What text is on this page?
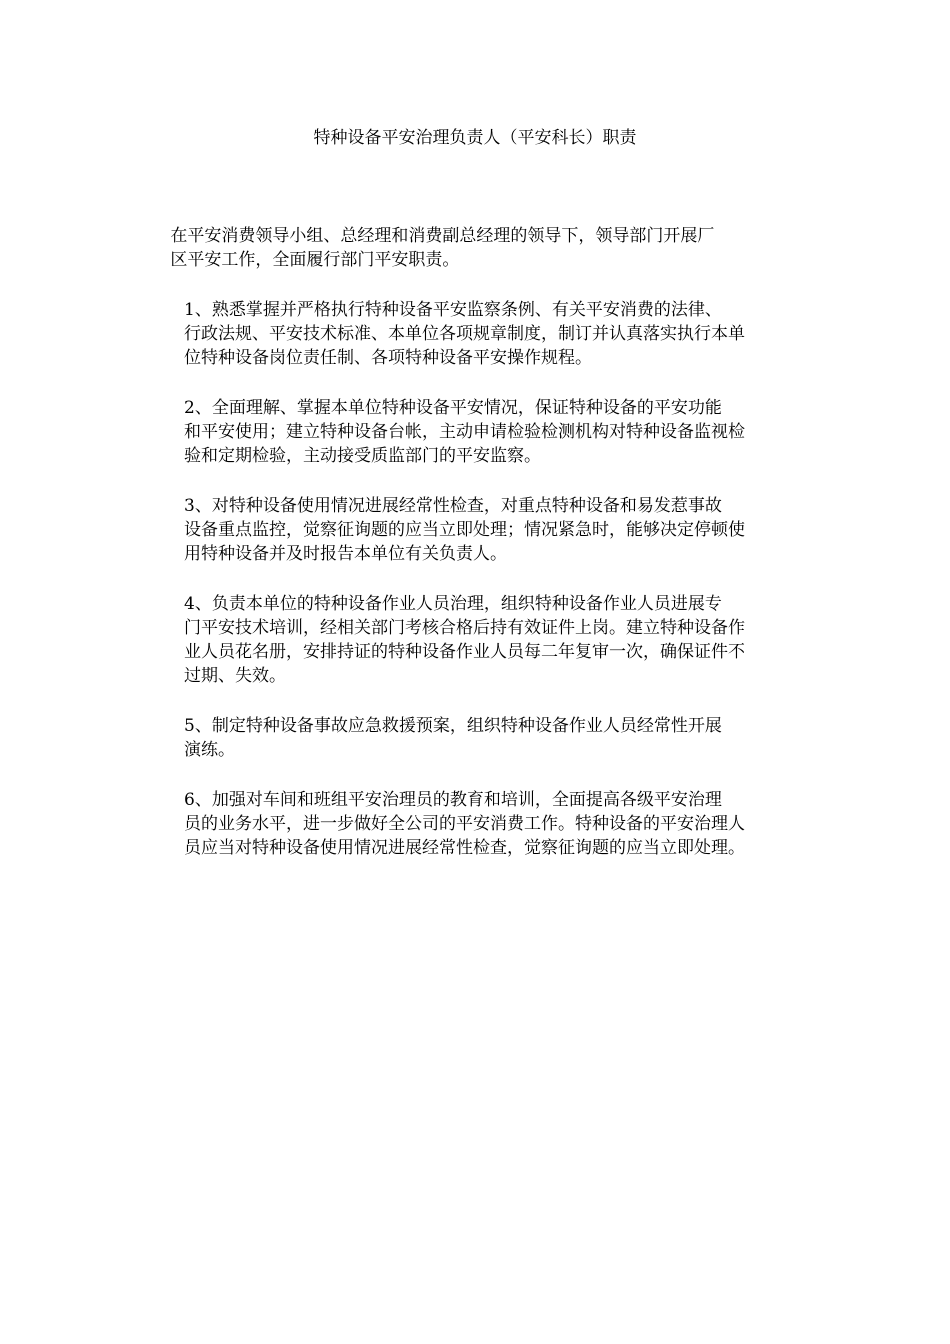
特种设备平安治理负责人（平安科长）职责

在平安消费领导小组、总经理和消费副总经理的领导下，领导部门开展厂
区平安工作，全面履行部门平安职责。

1、熟悉掌握并严格执行特种设备平安监察条例、有关平安消费的法律、
行政法规、平安技术标准、本单位各项规章制度，制订并认真落实执行本单
位特种设备岗位责任制、各项特种设备平安操作规程。

2、全面理解、掌握本单位特种设备平安情况，保证特种设备的平安功能
和平安使用；建立特种设备台帐，主动申请检验检测机构对特种设备监视检
验和定期检验，主动接受质监部门的平安监察。

3、对特种设备使用情况进展经常性检查，对重点特种设备和易发惹事故
设备重点监控，觉察征询题的应当立即处理；情况紧急时，能够决定停顿使
用特种设备并及时报告本单位有关负责人。

4、负责本单位的特种设备作业人员治理，组织特种设备作业人员进展专
门平安技术培训，经相关部门考核合格后持有效证件上岗。建立特种设备作
业人员花名册，安排持证的特种设备作业人员每二年复审一次，确保证件不
过期、失效。

5、制定特种设备事故应急救援预案，组织特种设备作业人员经常性开展
演练。

6、加强对车间和班组平安治理员的教育和培训，全面提高各级平安治理
员的业务水平，进一步做好全公司的平安消费工作。特种设备的平安治理人
员应当对特种设备使用情况进展经常性检查，觉察征询题的应当立即处理。
